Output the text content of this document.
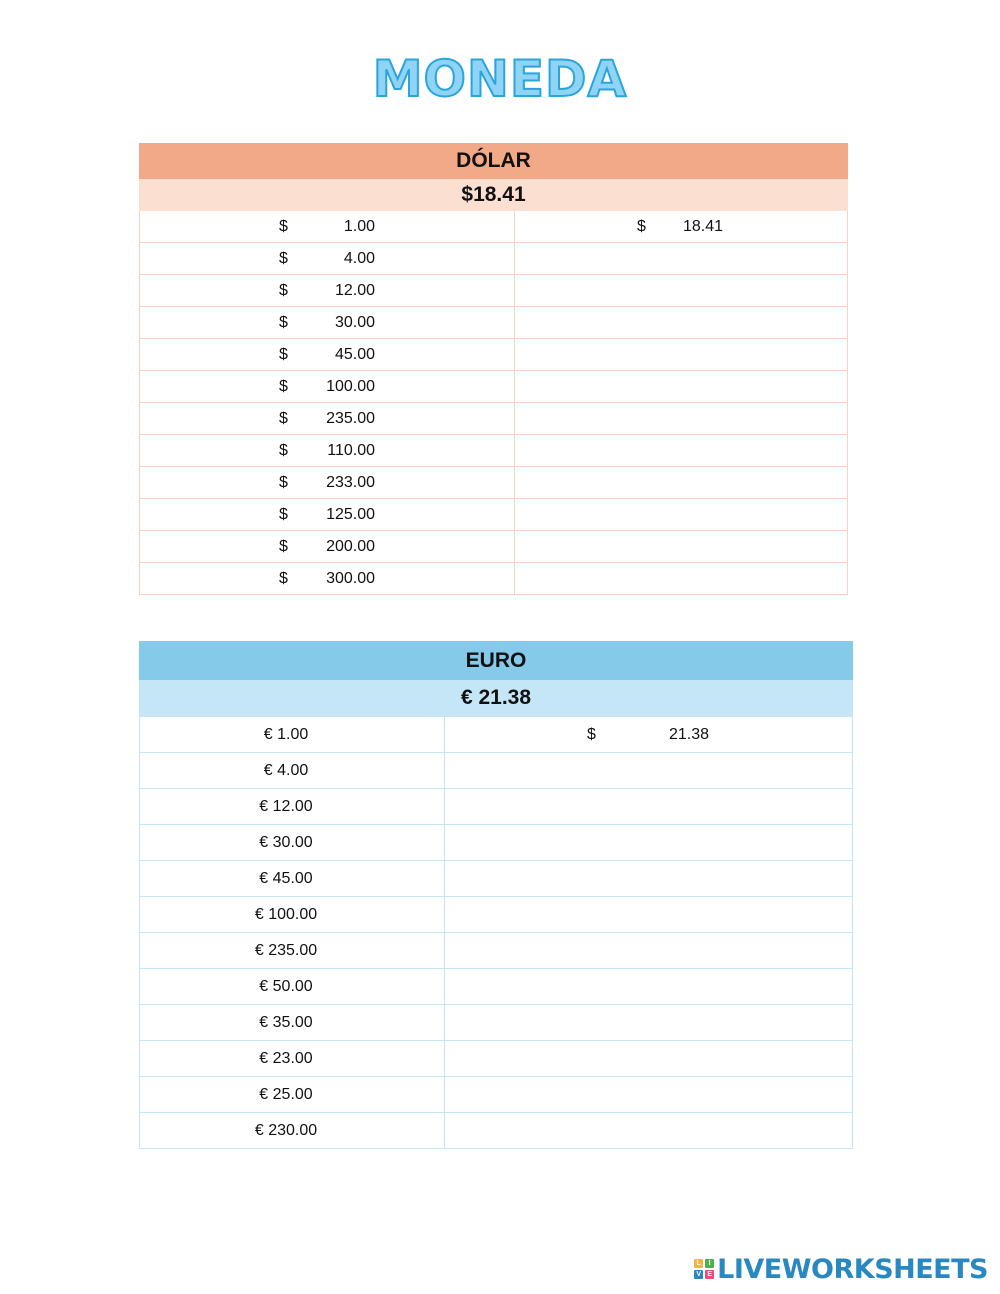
MONEDA
DÓLAR	
$18.41	

$ 1.00	$ 18.41

$ 4.00	

$ 12.00	

$ 30.00	

$ 45.00	

$ 100.00	

$ 235.00	

$ 110.00	

$ 233.00	

$ 125.00	

$ 200.00	

$ 300.00	

EURO	
€ 21.38	
€ 1.00	$ 21.38

€ 4.00	

€ 12.00	

€ 30.00	

€ 45.00	

€ 100.00	

€ 235.00	

€ 50.00	

€ 35.00	

€ 23.00	

€ 25.00	

€ 230.00	
L	I
V E LIVEWORKSHEETS
